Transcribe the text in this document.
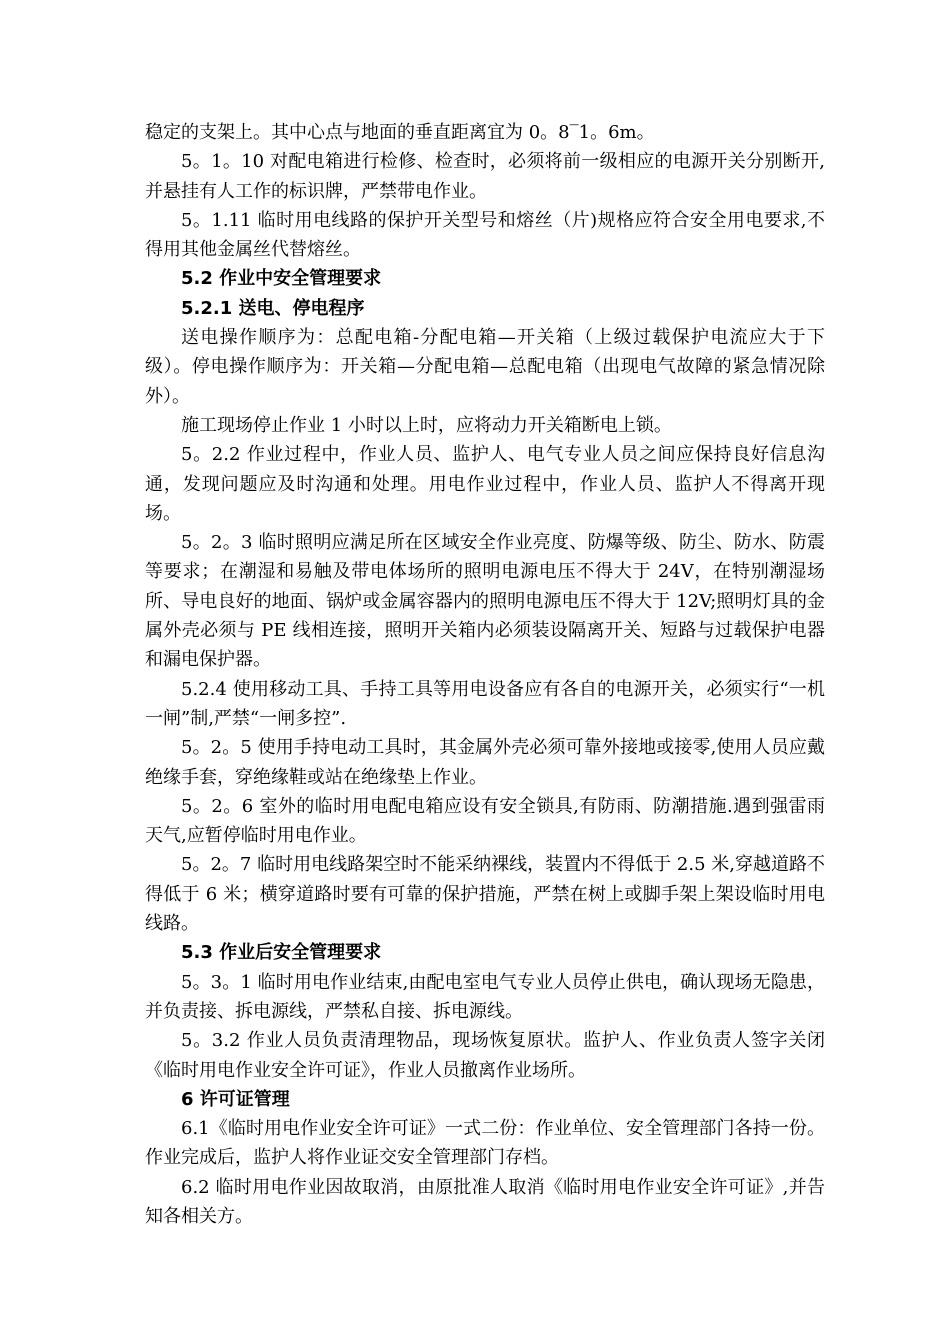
稳定的支架上。其中心点与地面的垂直距离宜为 0。8‾1。6m。

5。1。10 对配电箱进行检修、检查时，必须将前一级相应的电源开关分别断开,并悬挂有人工作的标识牌，严禁带电作业。

5。1.11 临时用电线路的保护开关型号和熔丝（片)规格应符合安全用电要求,不得用其他金属丝代替熔丝。

5.2 作业中安全管理要求
5.2.1 送电、停电程序

送电操作顺序为：总配电箱-分配电箱—开关箱（上级过载保护电流应大于下级）。停电操作顺序为：开关箱—分配电箱—总配电箱（出现电气故障的紧急情况除外）。

施工现场停止作业 1 小时以上时，应将动力开关箱断电上锁。

5。2.2 作业过程中，作业人员、监护人、电气专业人员之间应保持良好信息沟通，发现问题应及时沟通和处理。用电作业过程中，作业人员、监护人不得离开现场。

5。2。3 临时照明应满足所在区域安全作业亮度、防爆等级、防尘、防水、防震等要求；在潮湿和易触及带电体场所的照明电源电压不得大于 24V，在特别潮湿场所、导电良好的地面、锅炉或金属容器内的照明电源电压不得大于 12V;照明灯具的金属外壳必须与 PE 线相连接，照明开关箱内必须装设隔离开关、短路与过载保护电器和漏电保护器。

5.2.4 使用移动工具、手持工具等用电设备应有各自的电源开关，必须实行“一机一闸”制,严禁“一闸多控”.

5。2。5 使用手持电动工具时，其金属外壳必须可靠外接地或接零,使用人员应戴绝缘手套，穿绝缘鞋或站在绝缘垫上作业。

5。2。6 室外的临时用电配电箱应设有安全锁具,有防雨、防潮措施.遇到强雷雨天气,应暂停临时用电作业。

5。2。7 临时用电线路架空时不能采纳裸线，装置内不得低于 2.5 米,穿越道路不得低于 6 米；横穿道路时要有可靠的保护措施，严禁在树上或脚手架上架设临时用电线路。

5.3 作业后安全管理要求

5。3。1 临时用电作业结束,由配电室电气专业人员停止供电，确认现场无隐患，并负责接、拆电源线，严禁私自接、拆电源线。

5。3.2 作业人员负责清理物品，现场恢复原状。监护人、作业负责人签字关闭《临时用电作业安全许可证》，作业人员撤离作业场所。

6 许可证管理

6.1《临时用电作业安全许可证》一式二份：作业单位、安全管理部门各持一份。作业完成后，监护人将作业证交安全管理部门存档。

6.2 临时用电作业因故取消，由原批准人取消《临时用电作业安全许可证》,并告知各相关方。
